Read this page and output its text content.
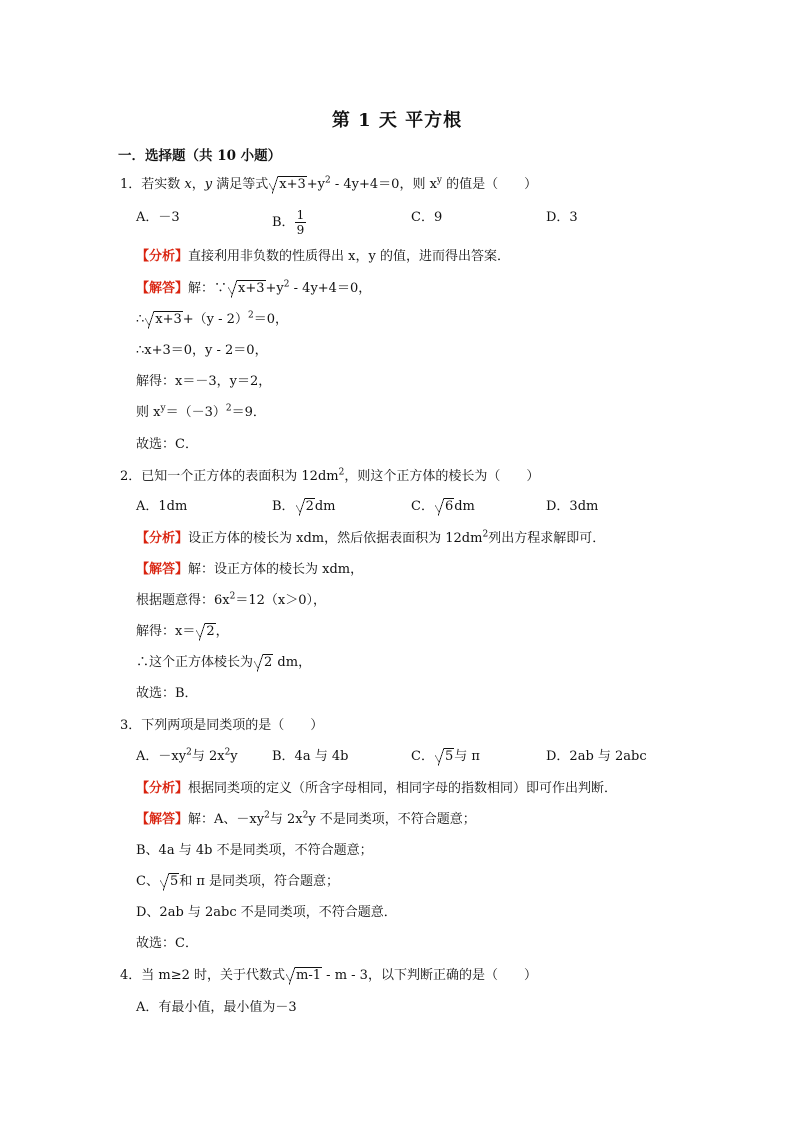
第 1 天 平方根
一．选择题（共 10 小题）
1．若实数 x，y 满足等式 $x+3+y^2 - 4y+4=0$，则 $x^y$ 的值是（　　）
A．－3	B． $\frac{1}{9}$	C．9	D．3
【分析】直接利用非负数的性质得出 x，y 的值，进而得出答案．
【解答】解：∵ $x+3+y^2 - 4y+4=0$，
∴ x+3+（y - 2）$^2$＝0，
∴x+3＝0，y - 2＝0，
解得：x＝－3，y＝2，
则 $x^y=(-3)^2=9$．
故选：C．
2．已知一个正方体的表面积为 $12dm^2$，则这个正方体的棱长为（　　）
A．1dm	B． 2dm	C． 6dm	D．3dm
【分析】设正方体的棱长为 xdm，然后依据表面积为 $12dm^2$列出方程求解即可．
【解答】解：设正方体的棱长为 xdm，
根据题意得：$6x^2=12(x>0)$，
解得：x＝ 2，
∴这个正方体棱长为 2 dm，
故选：B．
3．下列两项是同类项的是（　　）
A．$-xy^2$与 $2x^2y$	B．4a 与 4b	C． 5与 π	D．2ab 与 2abc
【分析】根据同类项的定义（所含字母相同，相同字母的指数相同）即可作出判断．
【解答】解：A、$-xy^2$与 $2x^2y$ 不是同类项，不符合题意；
B、4a 与 4b 不是同类项，不符合题意；
C、 5和 π 是同类项，符合题意；
D、2ab 与 2abc 不是同类项，不符合题意．
故选：C．
4．当 m≥2 时，关于代数式 m-1 - m - 3，以下判断正确的是（　　）
A．有最小值，最小值为－3
